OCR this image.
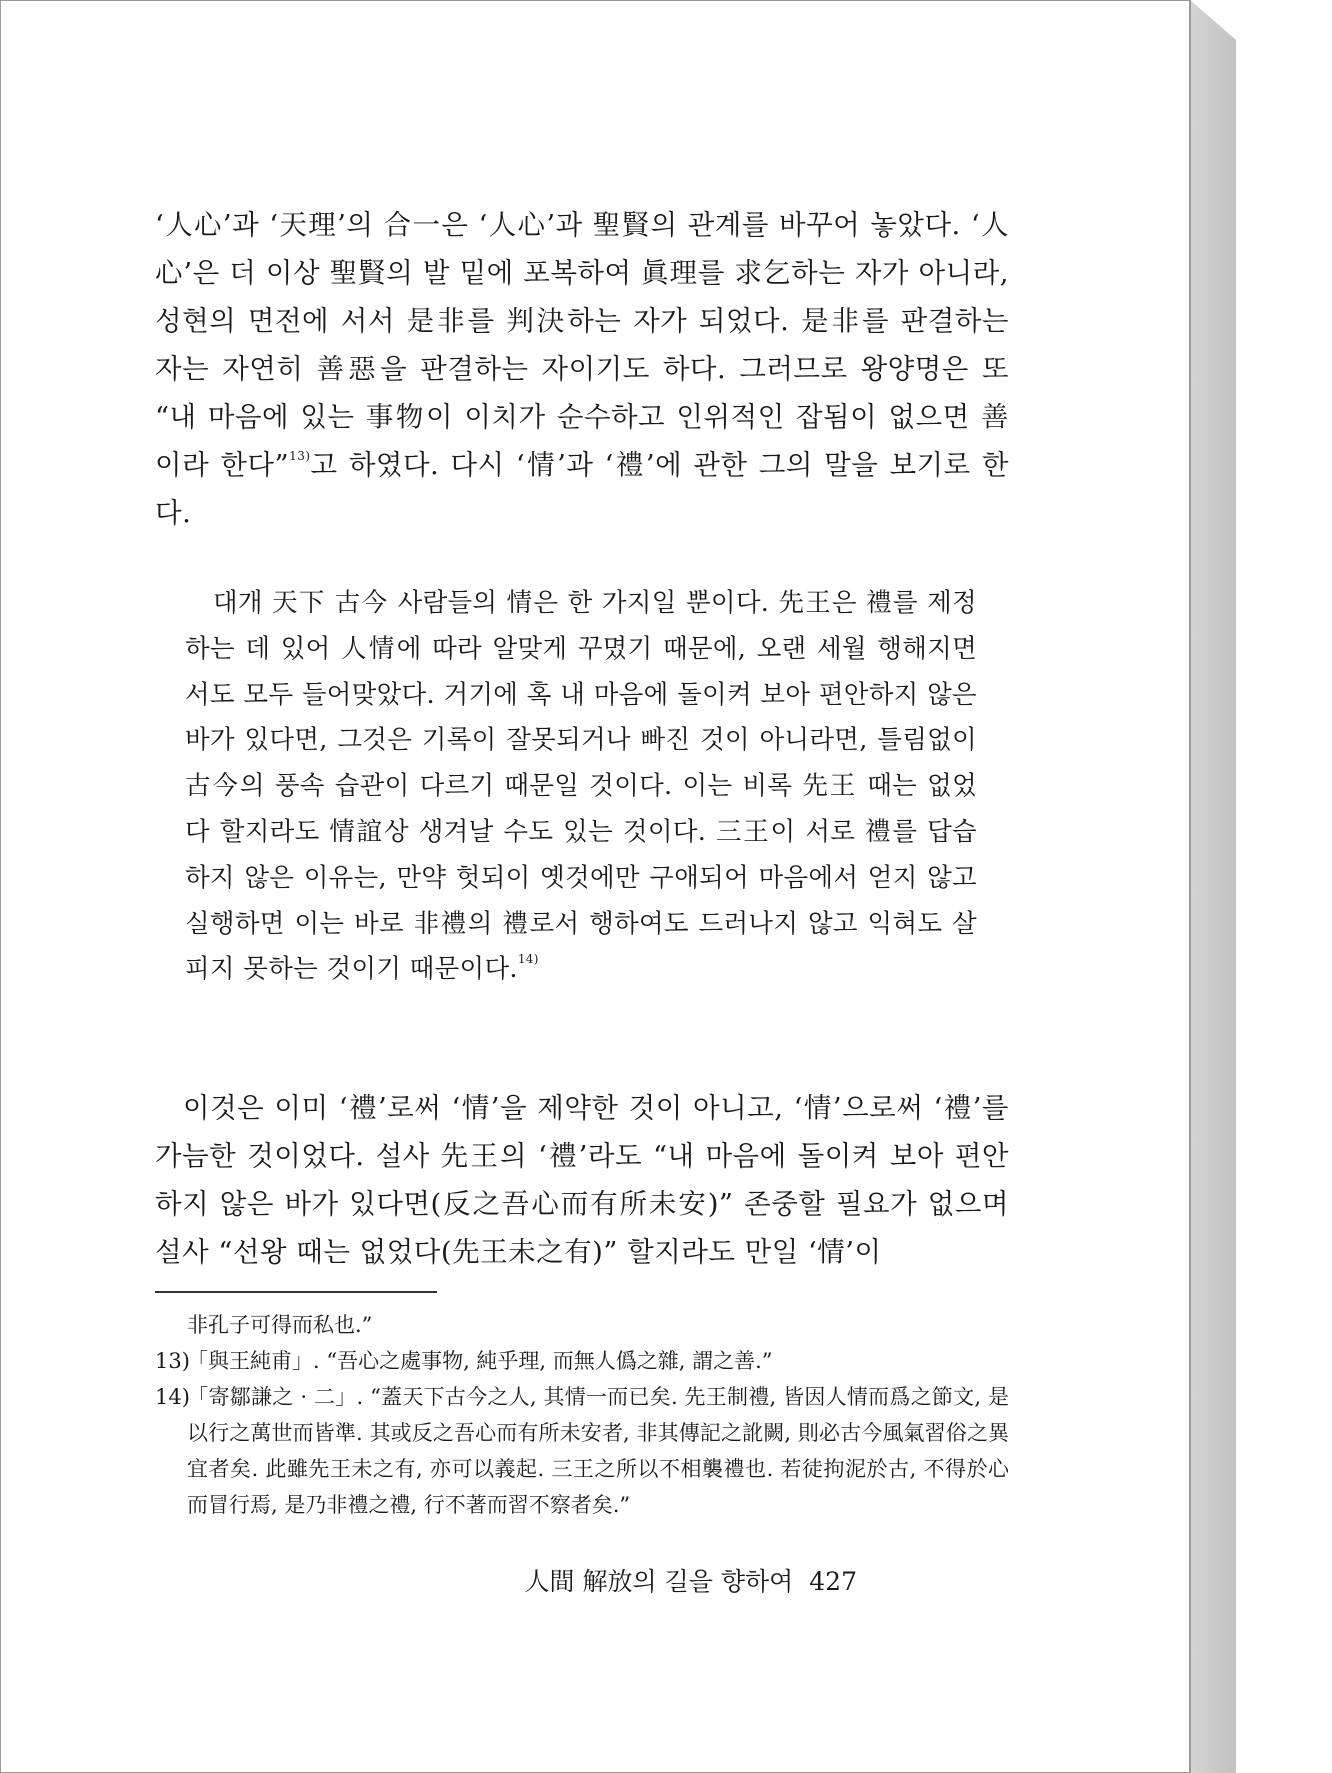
‘人心’과 ‘天理’의 合一은 ‘人心’과 聖賢의 관계를 바꾸어 놓았다. ‘人心’은 더 이상 聖賢의 발 밑에 포복하여 眞理를 求乞하는 자가 아니라, 성현의 면전에 서서 是非를 判決하는 자가 되었다. 是非를 판결하는 자는 자연히 善惡을 판결하는 자이기도 하다. 그러므로 왕양명은 또 “내 마음에 있는 事物이 이치가 순수하고 인위적인 잡됨이 없으면 善이라 한다”$^{13)}$고 하였다. 다시 ‘情’과 ‘禮’에 관한 그의 말을 보기로 한다.

대개 天下 古今 사람들의 情은 한 가지일 뿐이다. 先王은 禮를 제정하는 데 있어 人情에 따라 알맞게 꾸몄기 때문에, 오랜 세월 행해지면서도 모두 들어맞았다. 거기에 혹 내 마음에 돌이켜 보아 편안하지 않은 바가 있다면, 그것은 기록이 잘못되거나 빠진 것이 아니라면, 틀림없이 古今의 풍속 습관이 다르기 때문일 것이다. 이는 비록 先王 때는 없었다 할지라도 情誼상 생겨날 수도 있는 것이다. 三王이 서로 禮를 답습하지 않은 이유는, 만약 헛되이 옛것에만 구애되어 마음에서 얻지 않고 실행하면 이는 바로 非禮의 禮로서 행하여도 드러나지 않고 익혀도 살피지 못하는 것이기 때문이다.$^{14)}$

이것은 이미 ‘禮’로써 ‘情’을 제약한 것이 아니고, ‘情’으로써 ‘禮’를 가늠한 것이었다. 설사 先王의 ‘禮’라도 “내 마음에 돌이켜 보아 편안하지 않은 바가 있다면(反之吾心而有所未安)” 존중할 필요가 없으며 설사 “선왕 때는 없었다(先王未之有)” 할지라도 만일 ‘情’이

非孔子可得而私也.”

13)「與王純甫」. “吾心之處事物, 純乎理, 而無人僞之雜, 謂之善.”

14)「寄鄒謙之 · 二」. “蓋天下古今之人, 其情一而已矣. 先王制禮, 皆因人情而爲之節文, 是以行之萬世而皆準. 其或反之吾心而有所未安者, 非其傳記之訛闕, 則必古今風氣習俗之異宜者矣. 此雖先王未之有, 亦可以義起. 三王之所以不相襲禮也. 若徒拘泥於古, 不得於心而冒行焉, 是乃非禮之禮, 行不著而習不察者矣.”

人間 解放의 길을 향하여 427
